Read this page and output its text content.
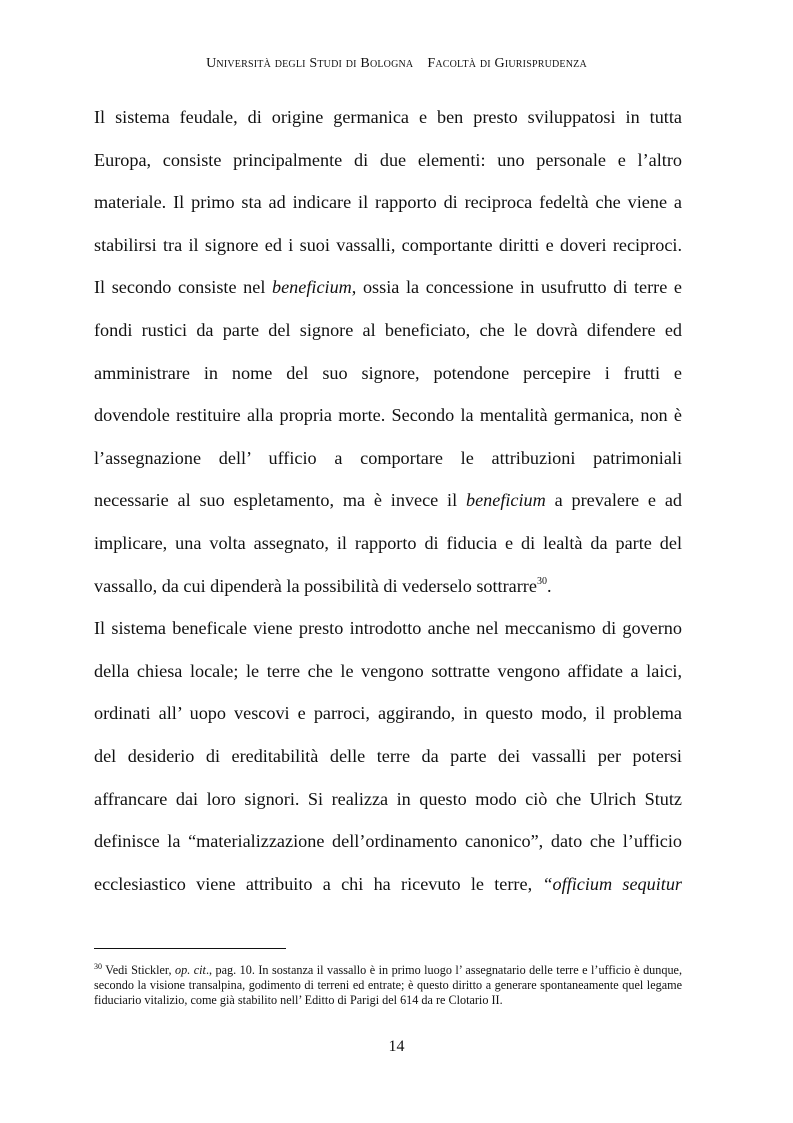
Università degli Studi di Bologna Facoltà di Giurisprudenza
Il sistema feudale, di origine germanica e ben presto sviluppatosi in tutta
Europa, consiste principalmente di due elementi: uno personale e l’altro
materiale. Il primo sta ad indicare il rapporto di reciproca fedeltà che viene a
stabilirsi tra il signore ed i suoi vassalli, comportante diritti e doveri reciproci.
Il secondo consiste nel beneficium, ossia la concessione in usufrutto di terre e
fondi rustici da parte del signore al beneficiato, che le dovrà difendere ed
amministrare in nome del suo signore, potendone percepire i frutti e
dovendole restituire alla propria morte. Secondo la mentalità germanica, non è
l’assegnazione dell’ ufficio a comportare le attribuzioni patrimoniali
necessarie al suo espletamento, ma è invece il beneficium a prevalere e ad
implicare, una volta assegnato, il rapporto di fiducia e di lealtà da parte del
vassallo, da cui dipenderà la possibilità di vederselo sottrarre$^{30}$.
Il sistema beneficale viene presto introdotto anche nel meccanismo di governo
della chiesa locale; le terre che le vengono sottratte vengono affidate a laici,
ordinati all’ uopo vescovi e parroci, aggirando, in questo modo, il problema
del desiderio di ereditabilità delle terre da parte dei vassalli per potersi
affrancare dai loro signori. Si realizza in questo modo ciò che Ulrich Stutz
definisce la “materializzazione dell’ordinamento canonico”, dato che l’ufficio
ecclesiastico viene attribuito a chi ha ricevuto le terre, “officium sequitur
$^{30}$ Vedi Stickler, op. cit., pag. 10. In sostanza il vassallo è in primo luogo l’ assegnatario delle terre e l’ufficio è dunque, secondo la visione transalpina, godimento di terreni ed entrate; è questo diritto a generare spontaneamente quel legame fiduciario vitalizio, come già stabilito nell’ Editto di Parigi del 614 da re Clotario II.
14
